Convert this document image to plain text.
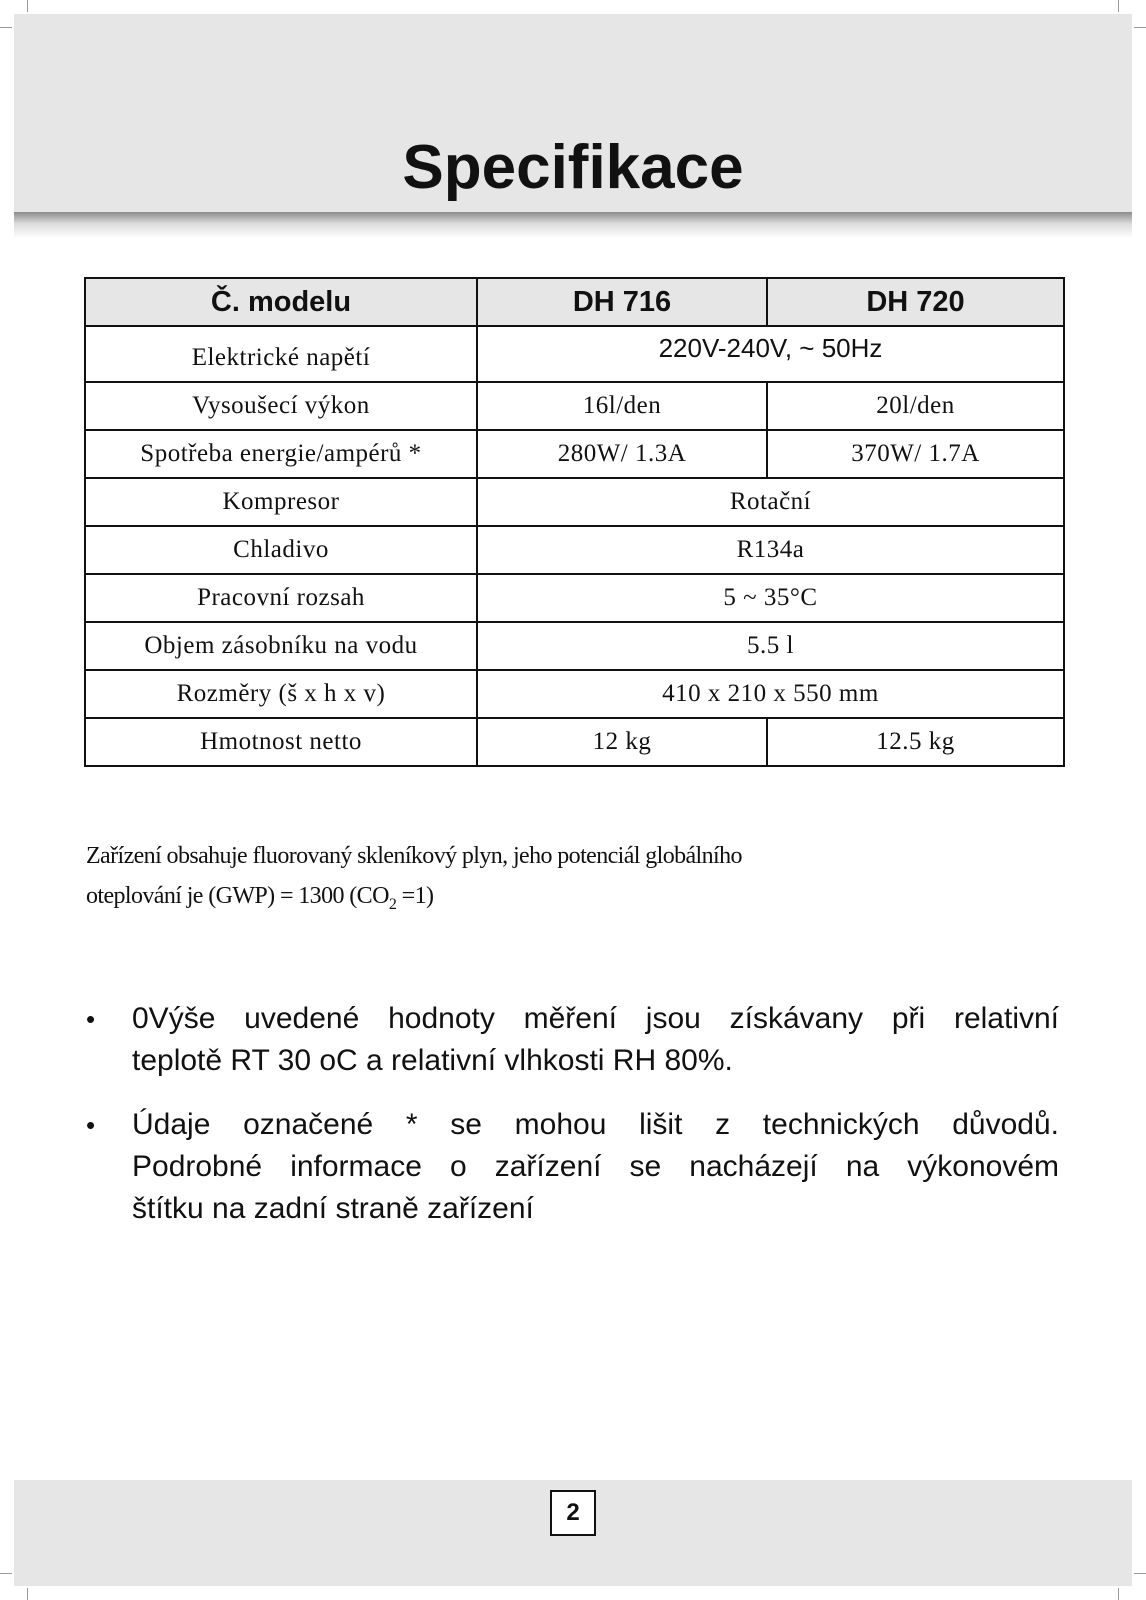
Specifikace
Č. modelu	DH 716	DH 720
Elektrické napětí	220V-240V, ~ 50Hz	
Vysoušecí výkon	16l/den	20l/den
Spotřeba energie/ampérů *	280W/ 1.3A	370W/ 1.7A
Kompresor	Rotační	
Chladivo	R134a	
Pracovní rozsah	5 ~ 35°C	
Objem zásobníku na vodu	5.5 l	
Rozměry (š x h x v)	410 x 210 x 550 mm	
Hmotnost netto	12 kg	12.5 kg
Zařízení obsahuje fluorovaný skleníkový plyn, jeho potenciál globálního
oteplování je (GWP) = 1300 $(CO_2 =1)$
• 0Výše uvedené hodnoty měření jsou získávany při relativní
teplotě RT 30 oC a relativní vlhkosti RH 80%.
• Údaje označené * se mohou lišit z technických důvodů.
Podrobné informace o zařízení se nacházejí na výkonovém
štítku na zadní straně zařízení
2
